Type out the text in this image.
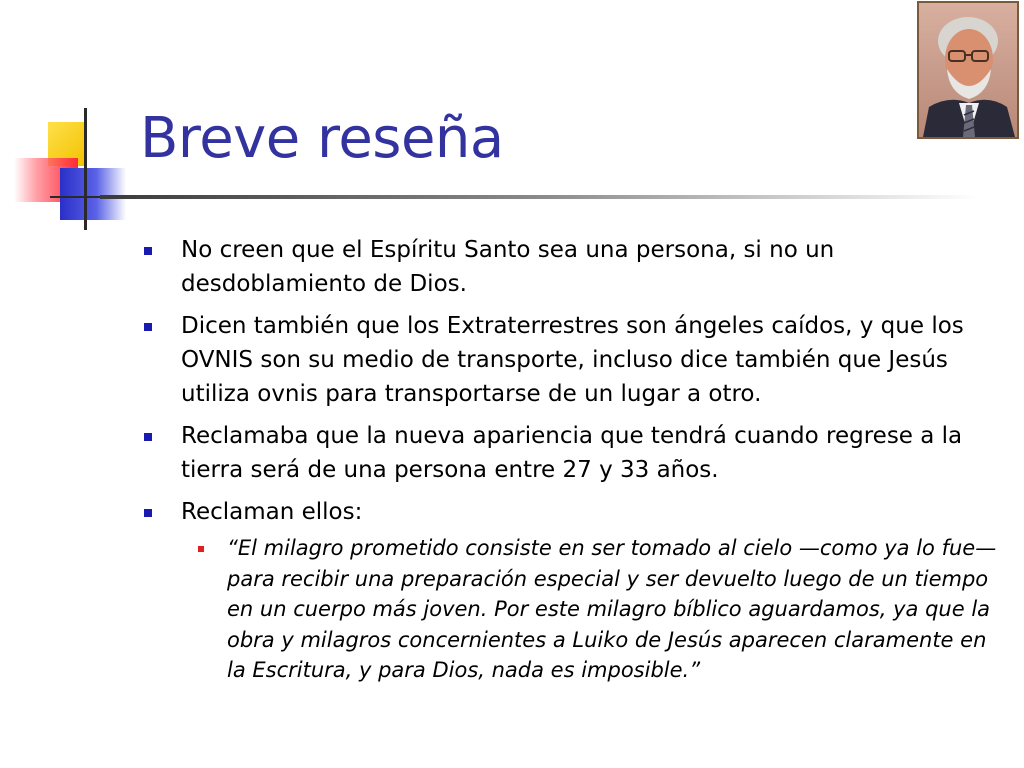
Breve reseña
No creen que el Espíritu Santo sea una persona, si no un desdoblamiento de Dios.
Dicen también que los Extraterrestres son ángeles caídos, y que los OVNIS son su medio de transporte, incluso dice también que Jesús utiliza ovnis para transportarse de un lugar a otro.
Reclamaba que la nueva apariencia que tendrá cuando regrese a la tierra será de una persona entre 27 y 33 años.
Reclaman ellos:
“El milagro prometido consiste en ser tomado al cielo —como ya lo fue— para recibir una preparación especial y ser devuelto luego de un tiempo en un cuerpo más joven. Por este milagro bíblico aguardamos, ya que la obra y milagros concernientes a Luiko de Jesús aparecen claramente en la Escritura, y para Dios, nada es imposible.”
